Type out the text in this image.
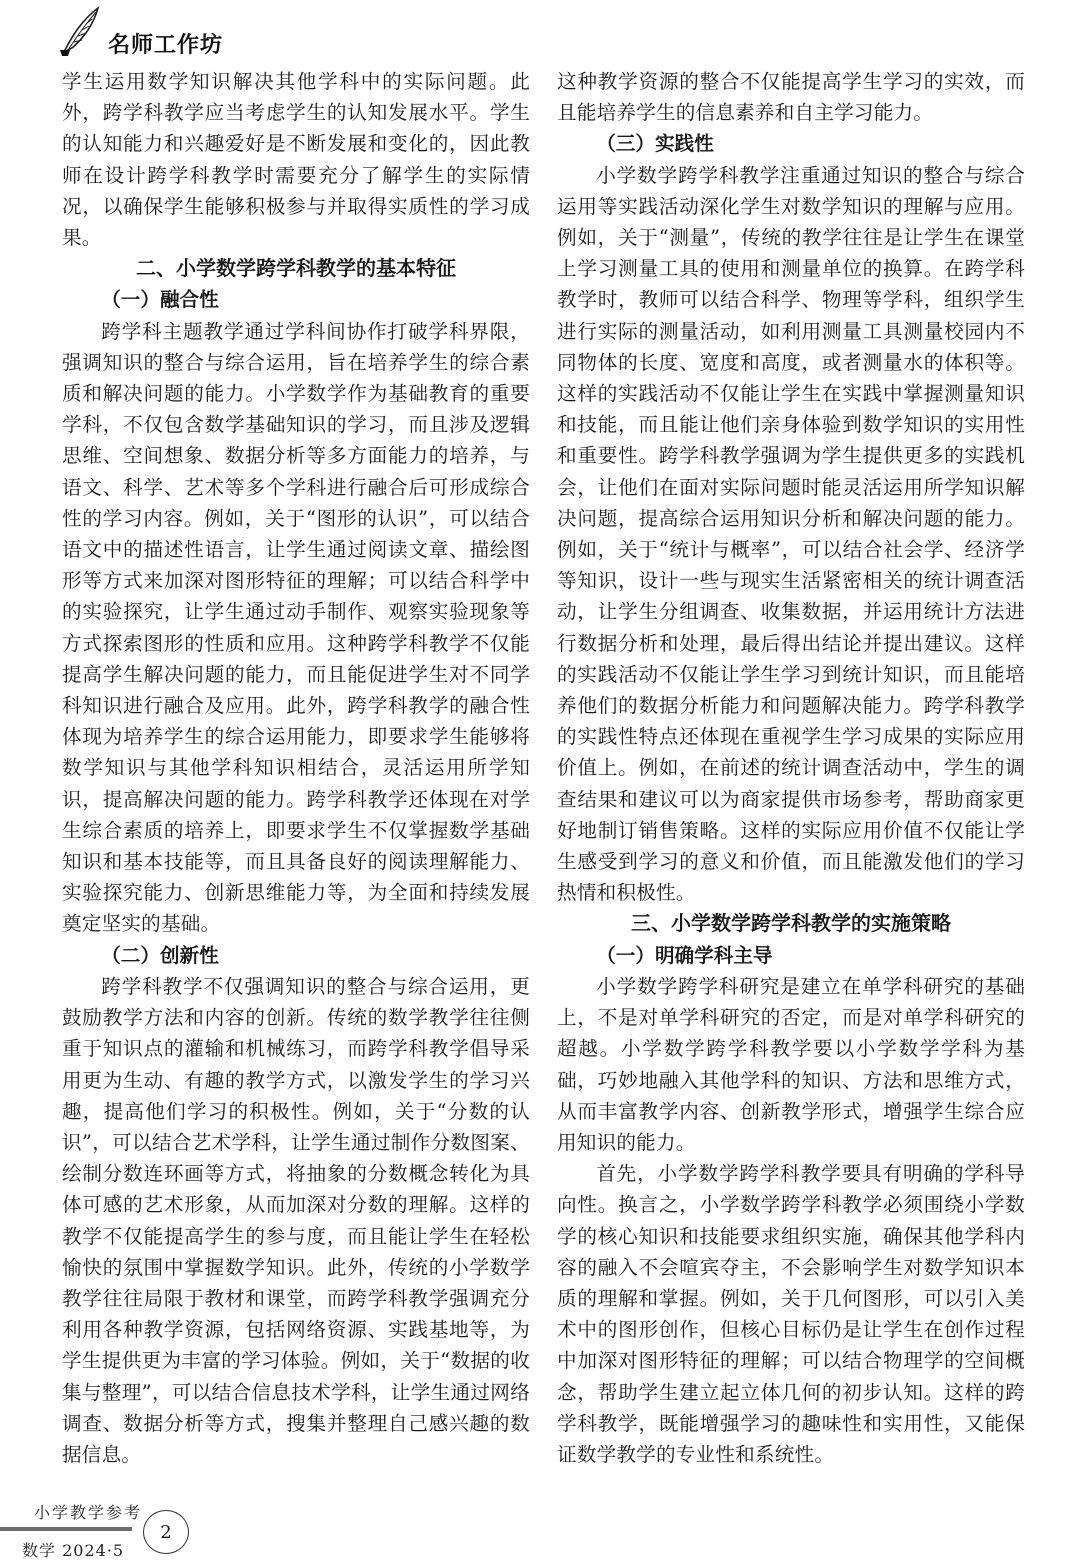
名师工作坊

学生运用数学知识解决其他学科中的实际问题。此外，跨学科教学应当考虑学生的认知发展水平。学生的认知能力和兴趣爱好是不断发展和变化的，因此教师在设计跨学科教学时需要充分了解学生的实际情况，以确保学生能够积极参与并取得实质性的学习成果。

二、小学数学跨学科教学的基本特征
（一）融合性

跨学科主题教学通过学科间协作打破学科界限，强调知识的整合与综合运用，旨在培养学生的综合素质和解决问题的能力。小学数学作为基础教育的重要学科，不仅包含数学基础知识的学习，而且涉及逻辑思维、空间想象、数据分析等多方面能力的培养，与语文、科学、艺术等多个学科进行融合后可形成综合性的学习内容。例如，关于“图形的认识”，可以结合语文中的描述性语言，让学生通过阅读文章、描绘图形等方式来加深对图形特征的理解；可以结合科学中的实验探究，让学生通过动手制作、观察实验现象等方式探索图形的性质和应用。这种跨学科教学不仅能提高学生解决问题的能力，而且能促进学生对不同学科知识进行融合及应用。此外，跨学科教学的融合性体现为培养学生的综合运用能力，即要求学生能够将数学知识与其他学科知识相结合，灵活运用所学知识，提高解决问题的能力。跨学科教学还体现在对学生综合素质的培养上，即要求学生不仅掌握数学基础知识和基本技能等，而且具备良好的阅读理解能力、实验探究能力、创新思维能力等，为全面和持续发展奠定坚实的基础。

（二）创新性

跨学科教学不仅强调知识的整合与综合运用，更鼓励教学方法和内容的创新。传统的数学教学往往侧重于知识点的灌输和机械练习，而跨学科教学倡导采用更为生动、有趣的教学方式，以激发学生的学习兴趣，提高他们学习的积极性。例如，关于“分数的认识”，可以结合艺术学科，让学生通过制作分数图案、绘制分数连环画等方式，将抽象的分数概念转化为具体可感的艺术形象，从而加深对分数的理解。这样的教学不仅能提高学生的参与度，而且能让学生在轻松愉快的氛围中掌握数学知识。此外，传统的小学数学教学往往局限于教材和课堂，而跨学科教学强调充分利用各种教学资源，包括网络资源、实践基地等，为学生提供更为丰富的学习体验。例如，关于“数据的收集与整理”，可以结合信息技术学科，让学生通过网络调查、数据分析等方式，搜集并整理自己感兴趣的数据信息。

这种教学资源的整合不仅能提高学生学习的实效，而且能培养学生的信息素养和自主学习能力。

（三）实践性

小学数学跨学科教学注重通过知识的整合与综合运用等实践活动深化学生对数学知识的理解与应用。例如，关于“测量”，传统的教学往往是让学生在课堂上学习测量工具的使用和测量单位的换算。在跨学科教学时，教师可以结合科学、物理等学科，组织学生进行实际的测量活动，如利用测量工具测量校园内不同物体的长度、宽度和高度，或者测量水的体积等。这样的实践活动不仅能让学生在实践中掌握测量知识和技能，而且能让他们亲身体验到数学知识的实用性和重要性。跨学科教学强调为学生提供更多的实践机会，让他们在面对实际问题时能灵活运用所学知识解决问题，提高综合运用知识分析和解决问题的能力。例如，关于“统计与概率”，可以结合社会学、经济学等知识，设计一些与现实生活紧密相关的统计调查活动，让学生分组调查、收集数据，并运用统计方法进行数据分析和处理，最后得出结论并提出建议。这样的实践活动不仅能让学生学习到统计知识，而且能培养他们的数据分析能力和问题解决能力。跨学科教学的实践性特点还体现在重视学生学习成果的实际应用价值上。例如，在前述的统计调查活动中，学生的调查结果和建议可以为商家提供市场参考，帮助商家更好地制订销售策略。这样的实际应用价值不仅能让学生感受到学习的意义和价值，而且能激发他们的学习热情和积极性。

三、小学数学跨学科教学的实施策略
（一）明确学科主导

小学数学跨学科研究是建立在单学科研究的基础上，不是对单学科研究的否定，而是对单学科研究的超越。小学数学跨学科教学要以小学数学学科为基础，巧妙地融入其他学科的知识、方法和思维方式，从而丰富教学内容、创新教学形式，增强学生综合应用知识的能力。

首先，小学数学跨学科教学要具有明确的学科导向性。换言之，小学数学跨学科教学必须围绕小学数学的核心知识和技能要求组织实施，确保其他学科内容的融入不会喧宾夺主，不会影响学生对数学知识本质的理解和掌握。例如，关于几何图形，可以引入美术中的图形创作，但核心目标仍是让学生在创作过程中加深对图形特征的理解；可以结合物理学的空间概念，帮助学生建立起立体几何的初步认知。这样的跨学科教学，既能增强学习的趣味性和实用性，又能保证数学教学的专业性和系统性。

小学教学参考
数学 2024·5
2
